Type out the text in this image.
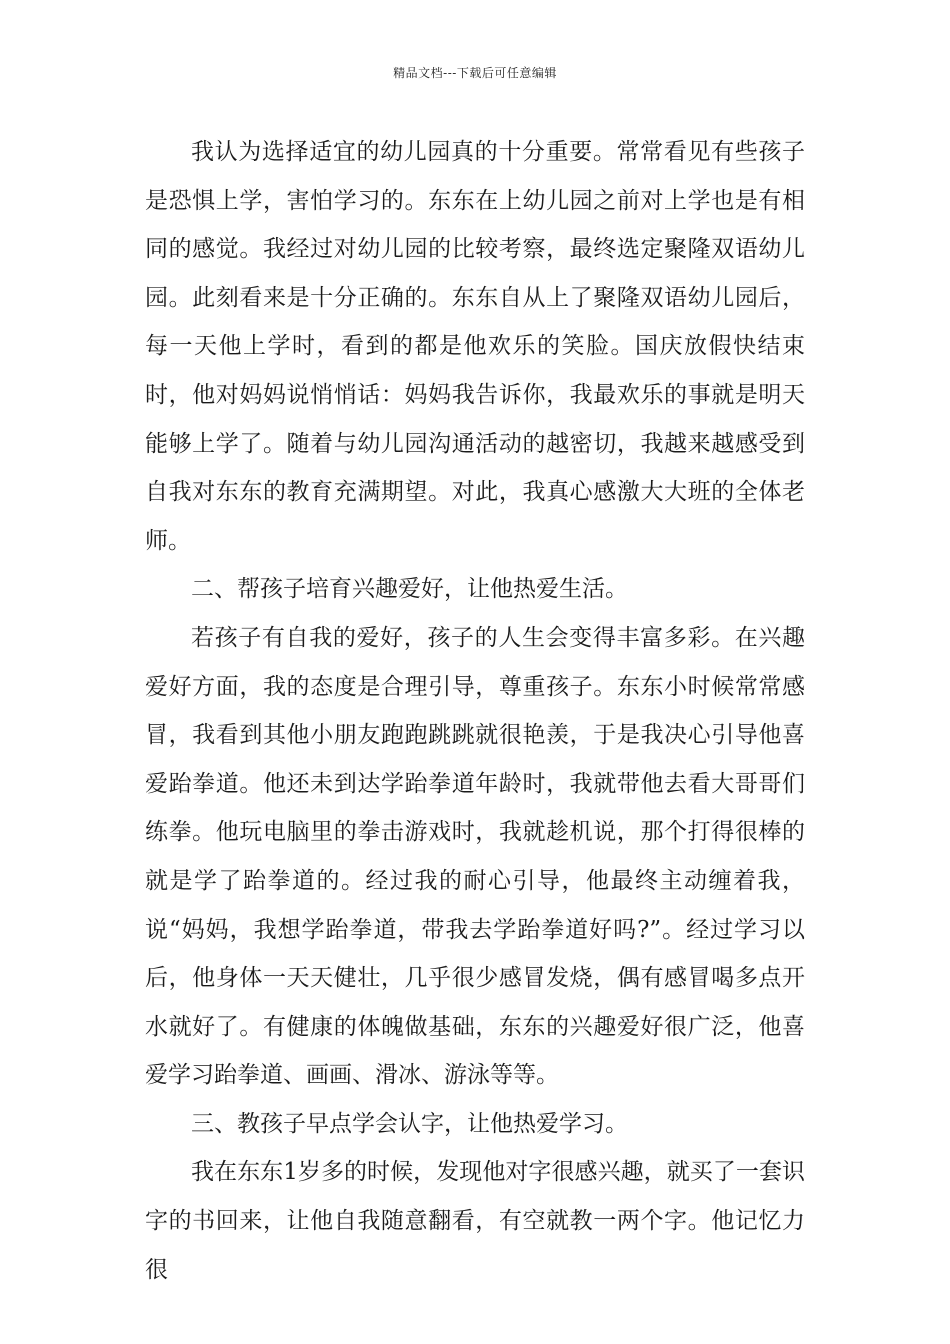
精品文档---下载后可任意编辑

我认为选择适宜的幼儿园真的十分重要。常常看见有些孩子是恐惧上学，害怕学习的。东东在上幼儿园之前对上学也是有相同的感觉。我经过对幼儿园的比较考察，最终选定聚隆双语幼儿园。此刻看来是十分正确的。东东自从上了聚隆双语幼儿园后，每一天他上学时，看到的都是他欢乐的笑脸。国庆放假快结束时，他对妈妈说悄悄话：妈妈我告诉你，我最欢乐的事就是明天能够上学了。随着与幼儿园沟通活动的越密切，我越来越感受到自我对东东的教育充满期望。对此，我真心感激大大班的全体老师。

二、帮孩子培育兴趣爱好，让他热爱生活。

若孩子有自我的爱好，孩子的人生会变得丰富多彩。在兴趣爱好方面，我的态度是合理引导，尊重孩子。东东小时候常常感冒，我看到其他小朋友跑跑跳跳就很艳羡，于是我决心引导他喜爱跆拳道。他还未到达学跆拳道年龄时，我就带他去看大哥哥们练拳。他玩电脑里的拳击游戏时，我就趁机说，那个打得很棒的就是学了跆拳道的。经过我的耐心引导，他最终主动缠着我，说“妈妈，我想学跆拳道，带我去学跆拳道好吗?”。经过学习以后，他身体一天天健壮，几乎很少感冒发烧，偶有感冒喝多点开水就好了。有健康的体魄做基础，东东的兴趣爱好很广泛，他喜爱学习跆拳道、画画、滑冰、游泳等等。

三、教孩子早点学会认字，让他热爱学习。

我在东东1岁多的时候，发现他对字很感兴趣，就买了一套识字的书回来，让他自我随意翻看，有空就教一两个字。他记忆力很
